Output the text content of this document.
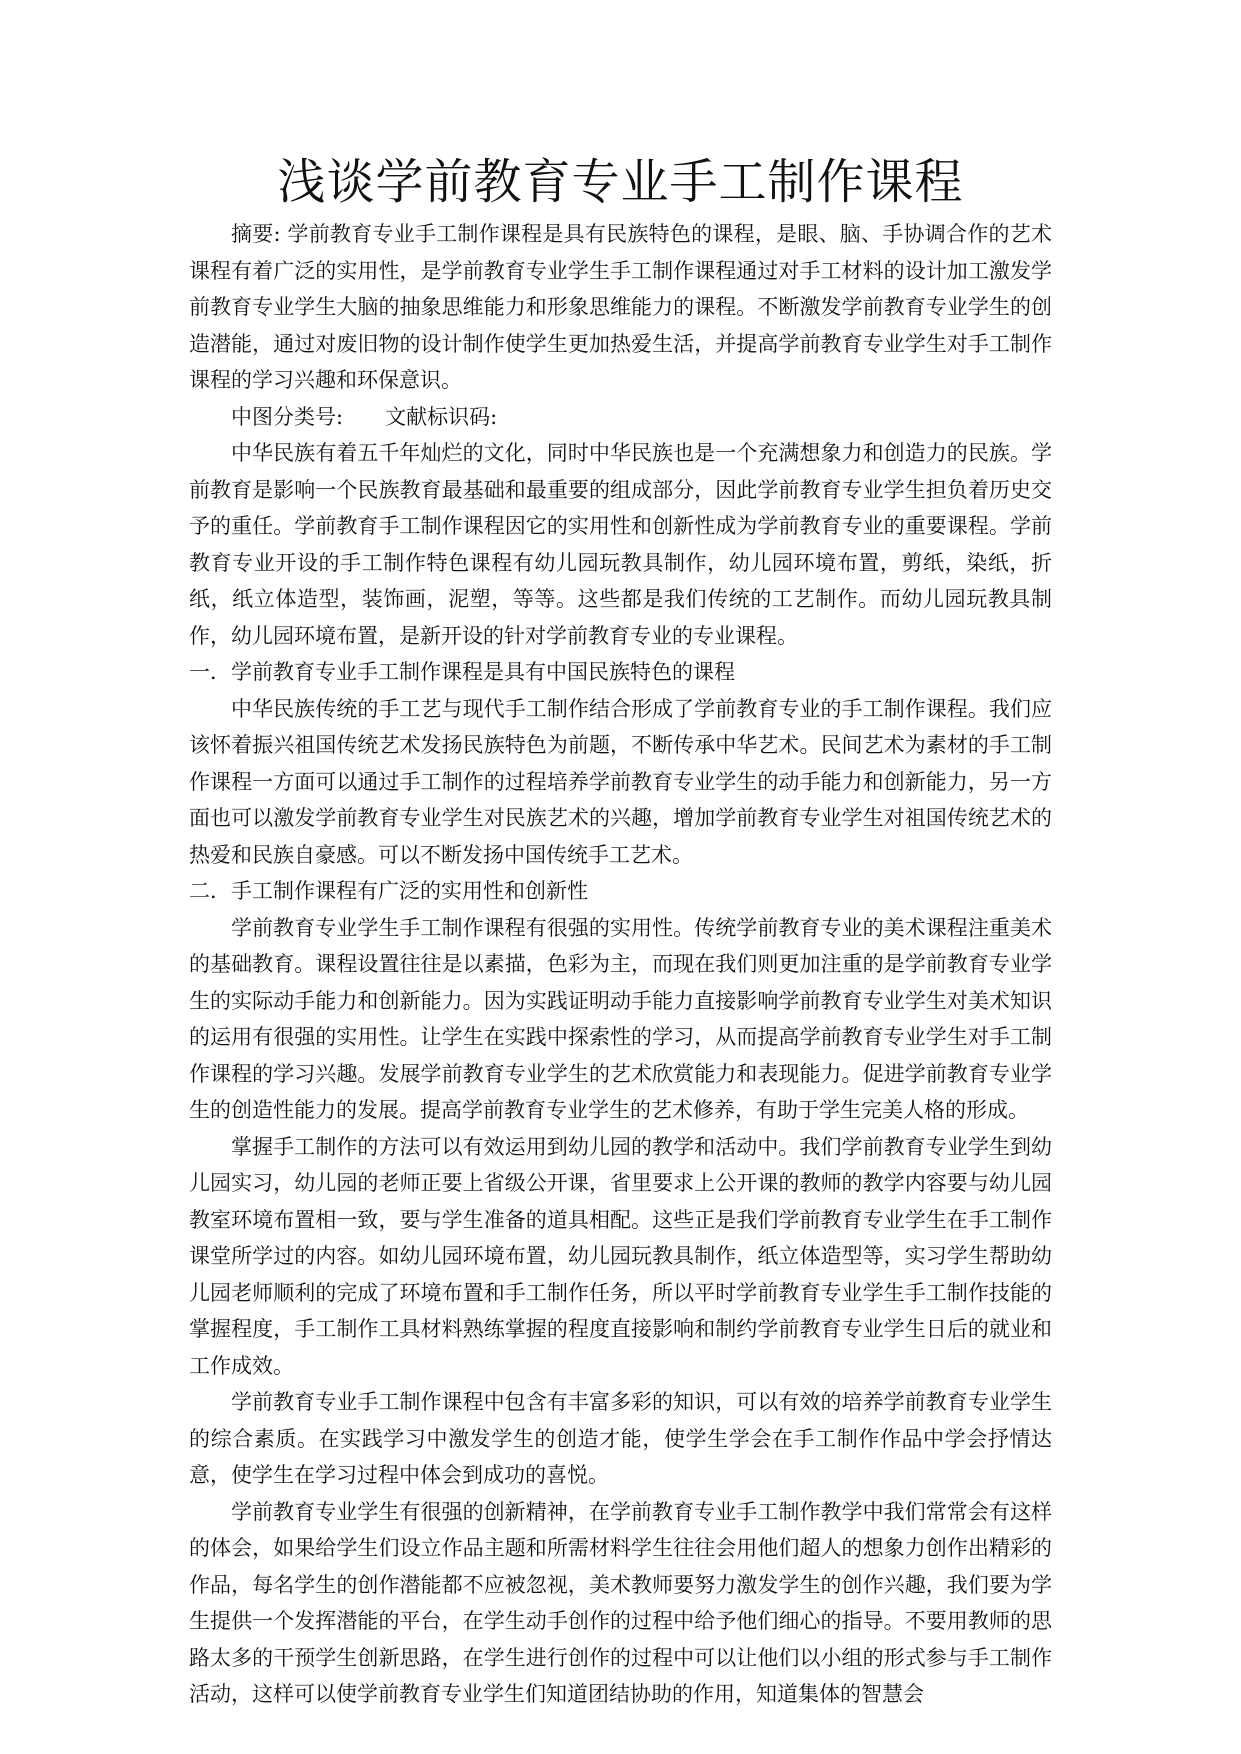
浅谈学前教育专业手工制作课程

摘要: 学前教育专业手工制作课程是具有民族特色的课程，是眼、脑、手协调合作的艺术课程有着广泛的实用性，是学前教育专业学生手工制作课程通过对手工材料的设计加工激发学前教育专业学生大脑的抽象思维能力和形象思维能力的课程。不断激发学前教育专业学生的创造潜能，通过对废旧物的设计制作使学生更加热爱生活，并提高学前教育专业学生对手工制作课程的学习兴趣和环保意识。

中图分类号: 文献标识码:

中华民族有着五千年灿烂的文化，同时中华民族也是一个充满想象力和创造力的民族。学前教育是影响一个民族教育最基础和最重要的组成部分，因此学前教育专业学生担负着历史交予的重任。学前教育手工制作课程因它的实用性和创新性成为学前教育专业的重要课程。学前教育专业开设的手工制作特色课程有幼儿园玩教具制作，幼儿园环境布置，剪纸，染纸，折纸，纸立体造型，装饰画，泥塑，等等。这些都是我们传统的工艺制作。而幼儿园玩教具制作，幼儿园环境布置，是新开设的针对学前教育专业的专业课程。

一．学前教育专业手工制作课程是具有中国民族特色的课程

中华民族传统的手工艺与现代手工制作结合形成了学前教育专业的手工制作课程。我们应该怀着振兴祖国传统艺术发扬民族特色为前题，不断传承中华艺术。民间艺术为素材的手工制作课程一方面可以通过手工制作的过程培养学前教育专业学生的动手能力和创新能力，另一方面也可以激发学前教育专业学生对民族艺术的兴趣，增加学前教育专业学生对祖国传统艺术的热爱和民族自豪感。可以不断发扬中国传统手工艺术。

二．手工制作课程有广泛的实用性和创新性

学前教育专业学生手工制作课程有很强的实用性。传统学前教育专业的美术课程注重美术的基础教育。课程设置往往是以素描，色彩为主，而现在我们则更加注重的是学前教育专业学生的实际动手能力和创新能力。因为实践证明动手能力直接影响学前教育专业学生对美术知识的运用有很强的实用性。让学生在实践中探索性的学习，从而提高学前教育专业学生对手工制作课程的学习兴趣。发展学前教育专业学生的艺术欣赏能力和表现能力。促进学前教育专业学生的创造性能力的发展。提高学前教育专业学生的艺术修养，有助于学生完美人格的形成。

掌握手工制作的方法可以有效运用到幼儿园的教学和活动中。我们学前教育专业学生到幼儿园实习，幼儿园的老师正要上省级公开课，省里要求上公开课的教师的教学内容要与幼儿园教室环境布置相一致，要与学生准备的道具相配。这些正是我们学前教育专业学生在手工制作课堂所学过的内容。如幼儿园环境布置，幼儿园玩教具制作，纸立体造型等，实习学生帮助幼儿园老师顺利的完成了环境布置和手工制作任务，所以平时学前教育专业学生手工制作技能的掌握程度，手工制作工具材料熟练掌握的程度直接影响和制约学前教育专业学生日后的就业和工作成效。

学前教育专业手工制作课程中包含有丰富多彩的知识，可以有效的培养学前教育专业学生的综合素质。在实践学习中激发学生的创造才能，使学生学会在手工制作作品中学会抒情达意，使学生在学习过程中体会到成功的喜悦。

学前教育专业学生有很强的创新精神，在学前教育专业手工制作教学中我们常常会有这样的体会，如果给学生们设立作品主题和所需材料学生往往会用他们超人的想象力创作出精彩的作品，每名学生的创作潜能都不应被忽视，美术教师要努力激发学生的创作兴趣，我们要为学生提供一个发挥潜能的平台，在学生动手创作的过程中给予他们细心的指导。不要用教师的思路太多的干预学生创新思路，在学生进行创作的过程中可以让他们以小组的形式参与手工制作活动，这样可以使学前教育专业学生们知道团结协助的作用，知道集体的智慧会
